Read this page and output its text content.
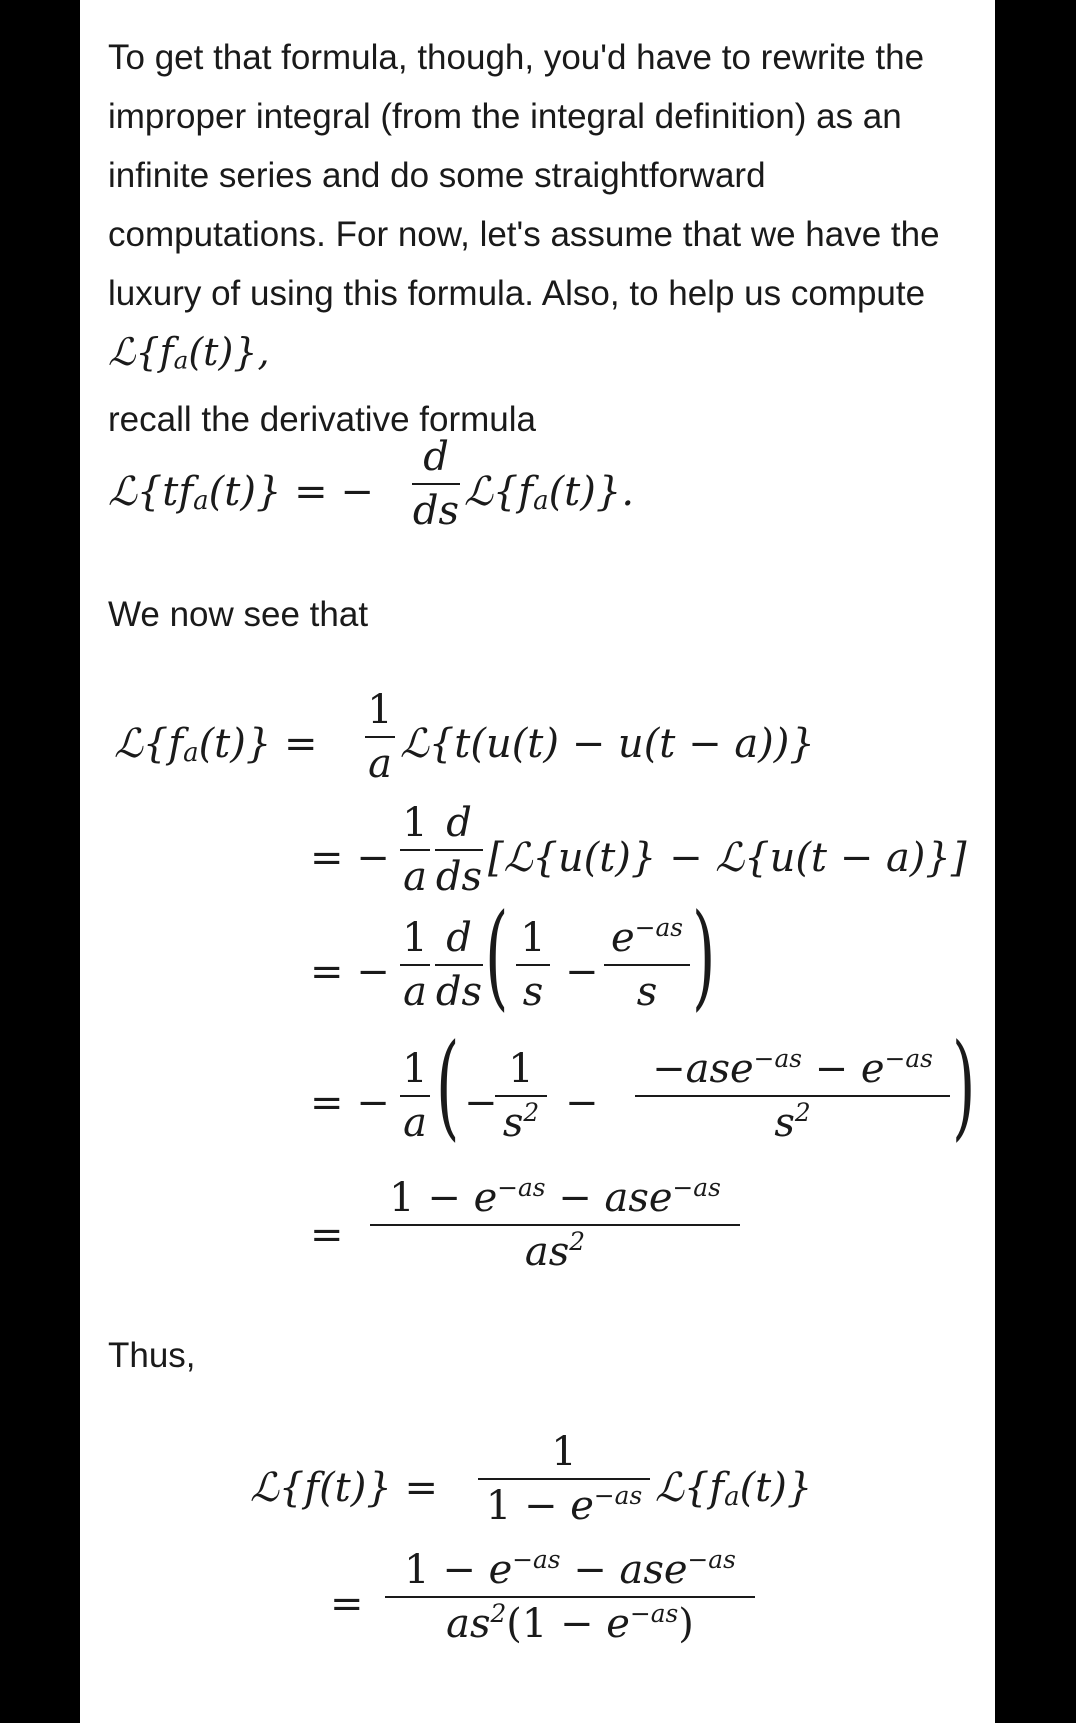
To get that formula, though, you'd have to rewrite the improper integral (from the integral definition) as an infinite series and do some straightforward computations. For now, let's assume that we have the luxury of using this formula. Also, to help us compute ℒ{fa(t)},
recall the derivative formula

ℒ{tfa(t)} = −
d
ds ℒ{fa(t)}.

We now see that

ℒ{fa(t)} =
1
a ℒ{t(u(t) − u(t − a))}
= −
1
a
d
ds [ℒ{u(t)} − ℒ{u(t − a)}]
= −
1
a
d
ds ( 1
s −
$e^{-as}$
s )
= −
1
a ( −
1
$s^2$ −
$-ase^{-as} - e^{-as}$
$s^2$	)
=
$1 - e^{-as} - ase^{-as}$
$as^2$

Thus,

ℒ{f(t)} =
1
$1 - e^{-as}$ ℒ{fa(t)}
=
$1 - e^{-as} - ase^{-as}$
$as^2(1 - e^{-as})$
